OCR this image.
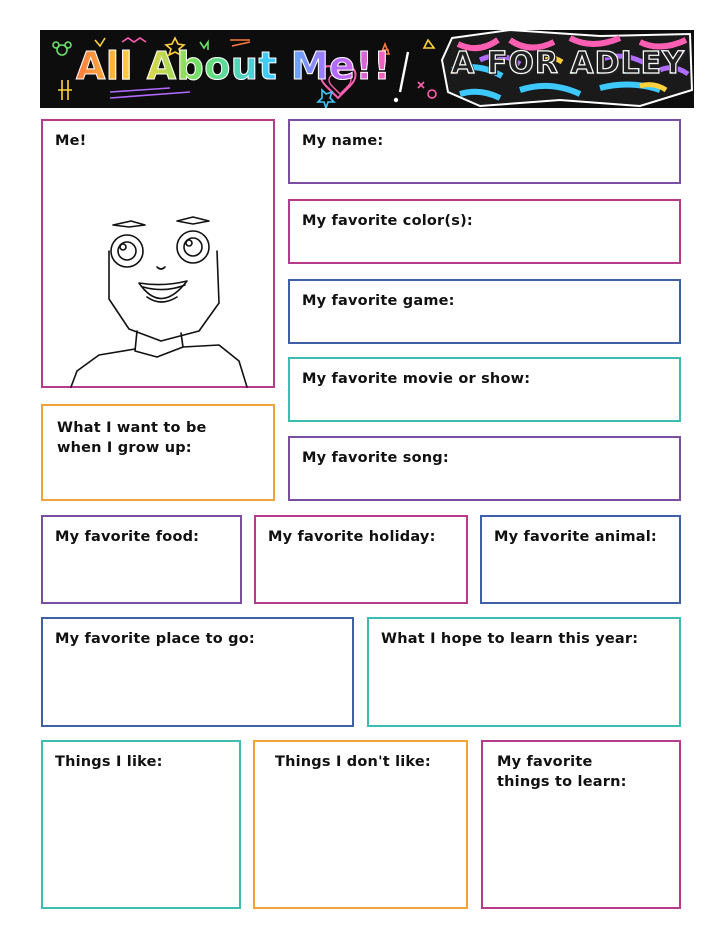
All About Me!! A FOR ADLEY
Me!	My name:
My favorite color(s):
My favorite game:
My favorite movie or show:
My favorite song:
What I want to be when I grow up:
My favorite food:	My favorite holiday:	My favorite animal:
My favorite place to go:	What I hope to learn this year:
Things I like:	Things I don't like:	My favorite things to learn:
